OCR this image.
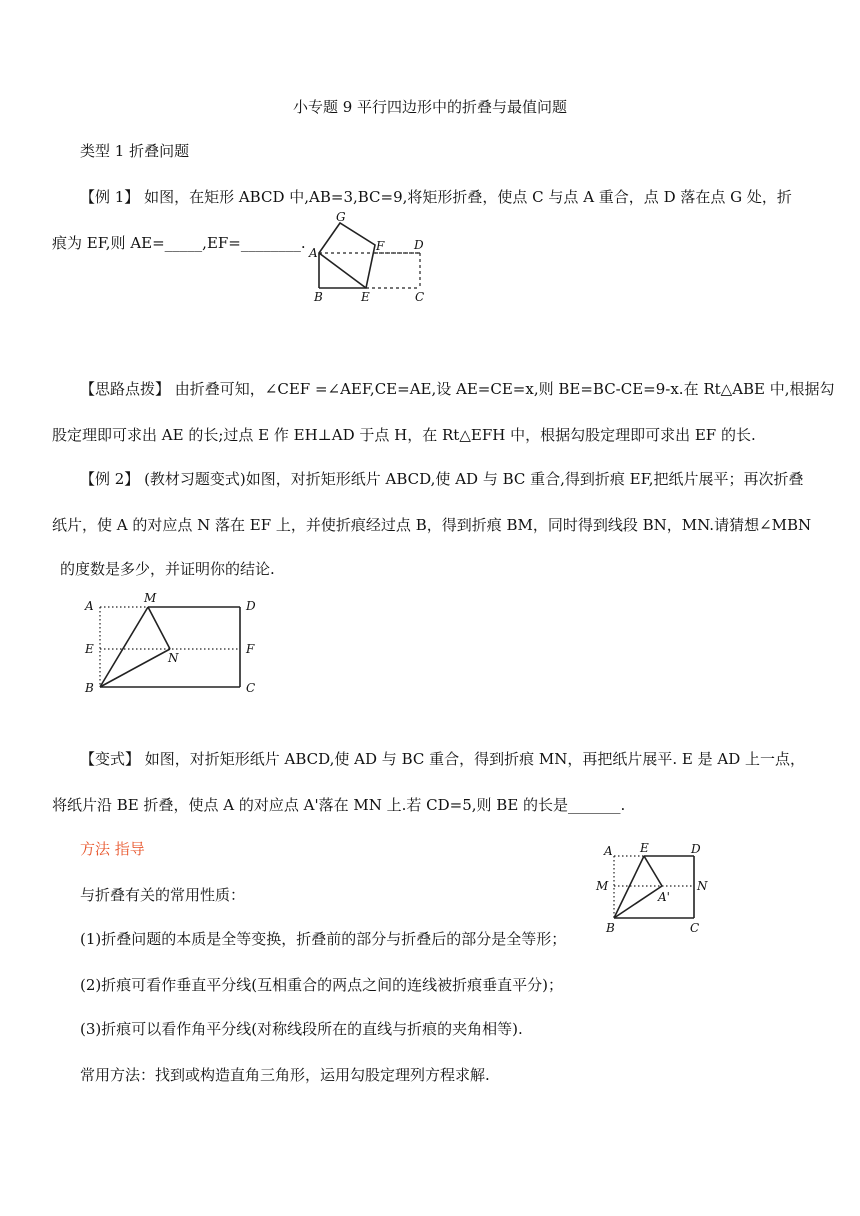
小专题 9 平行四边形中的折叠与最值问题
类型 1 折叠问题
【例 1】 如图，在矩形 ABCD 中,AB=3,BC=9,将矩形折叠，使点 C 与点 A 重合，点 D 落在点 G 处，折
痕为 EF,则 AE=_____,EF=________.
G
A	F D
B	E	C
【思路点拨】 由折叠可知，∠CEF =∠AEF,CE=AE,设 AE=CE=x,则 BE=BC-CE=9-x.在 Rt△ABE 中,根据勾
股定理即可求出 AE 的长;过点 E 作 EH⊥AD 于点 H，在 Rt△EFH 中，根据勾股定理即可求出 EF 的长.
【例 2】 (教材习题变式)如图，对折矩形纸片 ABCD,使 AD 与 BC 重合,得到折痕 EF,把纸片展平；再次折叠
纸片，使 A 的对应点 N 落在 EF 上，并使折痕经过点 B，得到折痕 BM，同时得到线段 BN，MN.请猜想∠MBN
的度数是多少，并证明你的结论.
A
M
D
E
N
F
B	C
【变式】 如图，对折矩形纸片 ABCD,使 AD 与 BC 重合，得到折痕 MN，再把纸片展平. E 是 AD 上一点，
将纸片沿 BE 折叠，使点 A 的对应点 A'落在 MN 上.若 CD=5,则 BE 的长是_______.
方法 指导
与折叠有关的常用性质：
(1)折叠问题的本质是全等变换，折叠前的部分与折叠后的部分是全等形；
(2)折痕可看作垂直平分线(互相重合的两点之间的连线被折痕垂直平分)；
(3)折痕可以看作角平分线(对称线段所在的直线与折痕的夹角相等).
常用方法：找到或构造直角三角形，运用勾股定理列方程求解.
A E	D
M	N
A'
B	C
